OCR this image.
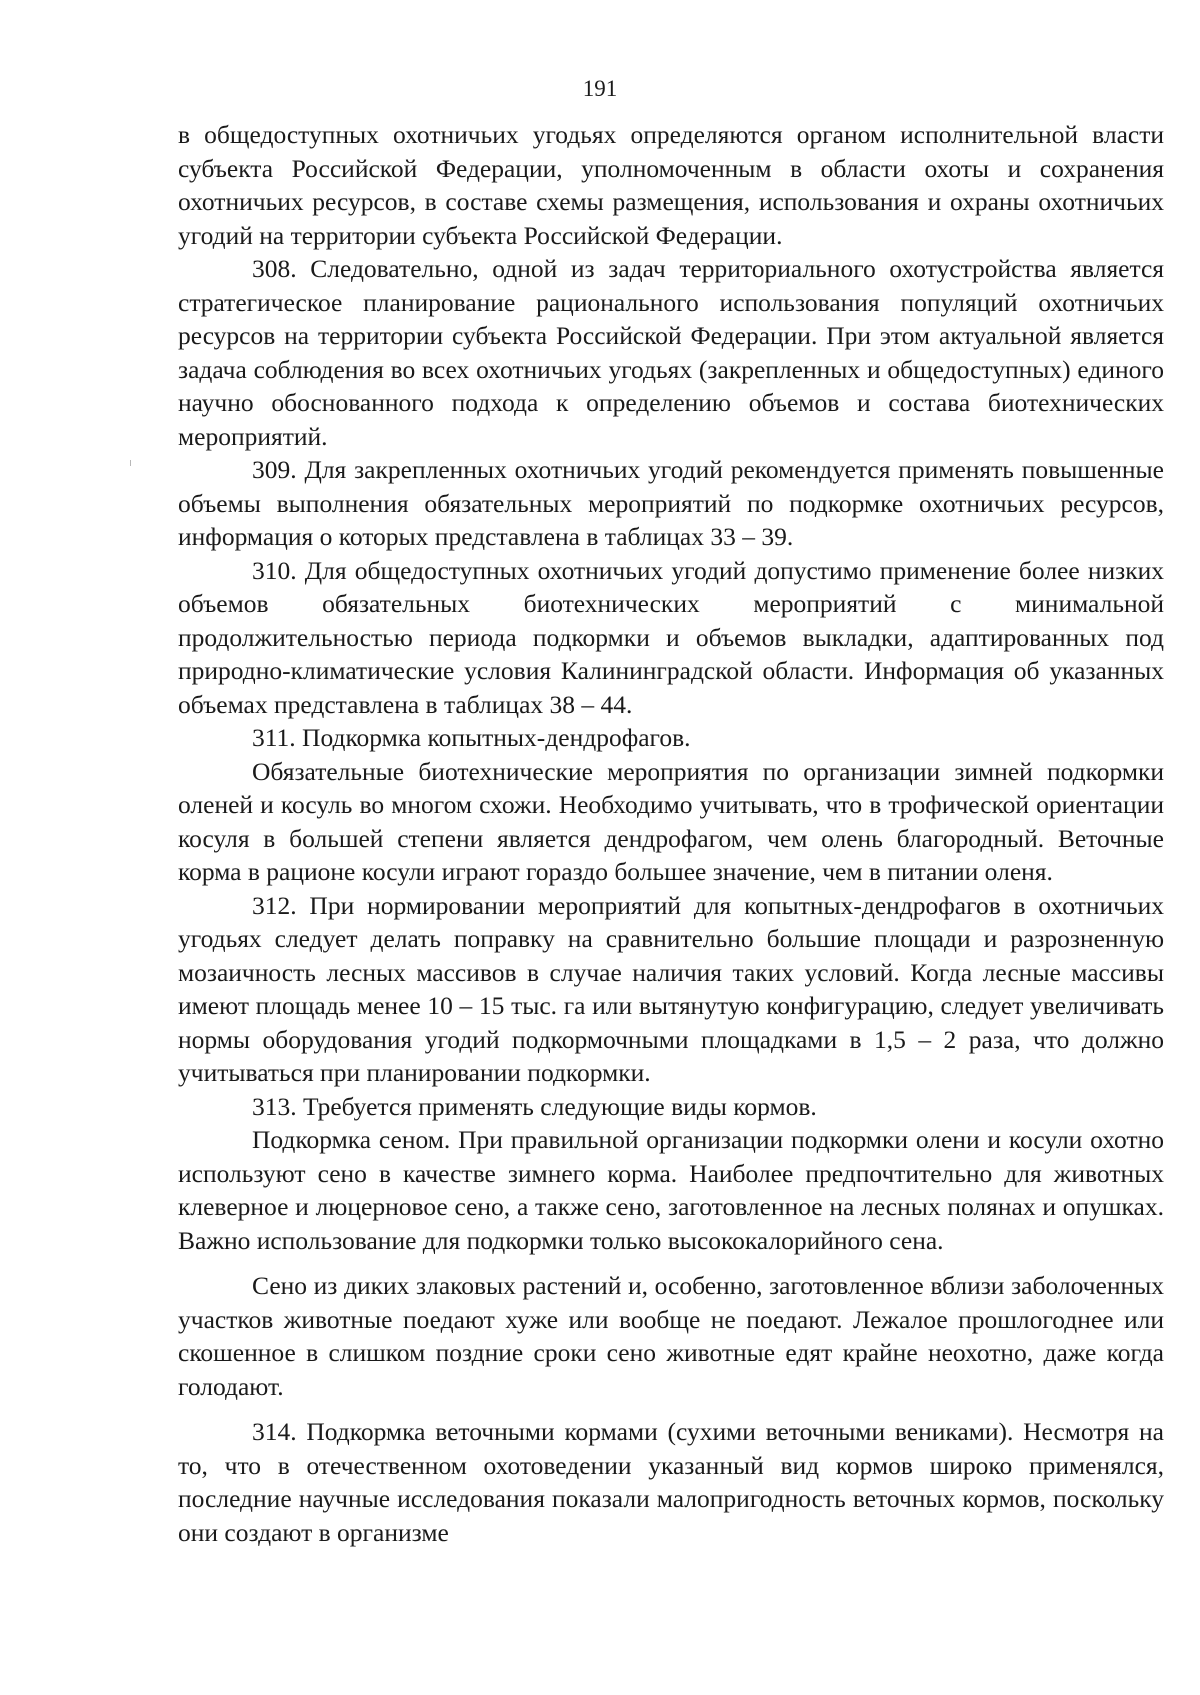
191

в общедоступных охотничьих угодьях определяются органом исполнительной власти субъекта Российской Федерации, уполномоченным в области охоты и сохранения охотничьих ресурсов, в составе схемы размещения, использования и охраны охотничьих угодий на территории субъекта Российской Федерации.

308. Следовательно, одной из задач территориального охотустройства является стратегическое планирование рационального использования популяций охотничьих ресурсов на территории субъекта Российской Федерации. При этом актуальной является задача соблюдения во всех охотничьих угодьях (закрепленных и общедоступных) единого научно обоснованного подхода к определению объемов и состава биотехнических мероприятий.

309. Для закрепленных охотничьих угодий рекомендуется применять повышенные объемы выполнения обязательных мероприятий по подкормке охотничьих ресурсов, информация о которых представлена в таблицах 33 – 39.

310. Для общедоступных охотничьих угодий допустимо применение более низких объемов обязательных биотехнических мероприятий с минимальной продолжительностью периода подкормки и объемов выкладки, адаптированных под природно-климатические условия Калининградской области. Информация об указанных объемах представлена в таблицах 38 – 44.

311. Подкормка копытных-дендрофагов.

Обязательные биотехнические мероприятия по организации зимней подкормки оленей и косуль во многом схожи. Необходимо учитывать, что в трофической ориентации косуля в большей степени является дендрофагом, чем олень благородный. Веточные корма в рационе косули играют гораздо большее значение, чем в питании оленя.

312. При нормировании мероприятий для копытных-дендрофагов в охотничьих угодьях следует делать поправку на сравнительно большие площади и разрозненную мозаичность лесных массивов в случае наличия таких условий. Когда лесные массивы имеют площадь менее 10 – 15 тыс. га или вытянутую конфигурацию, следует увеличивать нормы оборудования угодий подкормочными площадками в 1,5 – 2 раза, что должно учитываться при планировании подкормки.

313. Требуется применять следующие виды кормов.

Подкормка сеном. При правильной организации подкормки олени и косули охотно используют сено в качестве зимнего корма. Наиболее предпочтительно для животных клеверное и люцерновое сено, а также сено, заготовленное на лесных полянах и опушках. Важно использование для подкормки только высококалорийного сена.

Сено из диких злаковых растений и, особенно, заготовленное вблизи заболоченных участков животные поедают хуже или вообще не поедают. Лежалое прошлогоднее или скошенное в слишком поздние сроки сено животные едят крайне неохотно, даже когда голодают.

314. Подкормка веточными кормами (сухими веточными вениками). Несмотря на то, что в отечественном охотоведении указанный вид кормов широко применялся, последние научные исследования показали малопригодность веточных кормов, поскольку они создают в организме
